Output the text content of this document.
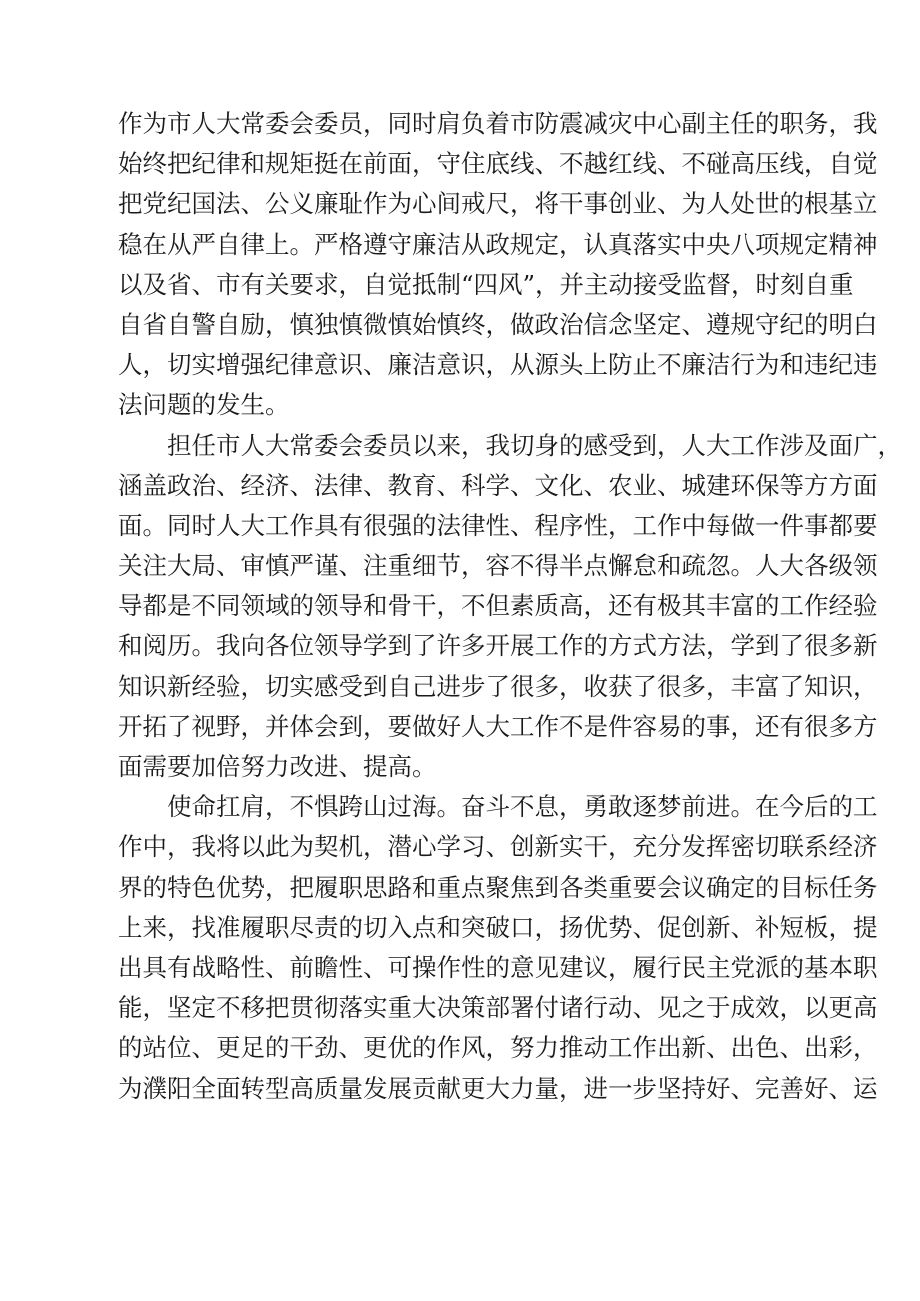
作为市人大常委会委员，同时肩负着市防震减灾中心副主任的职务，我
始终把纪律和规矩挺在前面，守住底线、不越红线、不碰高压线，自觉
把党纪国法、公义廉耻作为心间戒尺，将干事创业、为人处世的根基立
稳在从严自律上。严格遵守廉洁从政规定，认真落实中央八项规定精神
以及省、市有关要求，自觉抵制“四风”，并主动接受监督，时刻自重
自省自警自励，慎独慎微慎始慎终，做政治信念坚定、遵规守纪的明白
人，切实增强纪律意识、廉洁意识，从源头上防止不廉洁行为和违纪违
法问题的发生。
担任市人大常委会委员以来，我切身的感受到，人大工作涉及面广，
涵盖政治、经济、法律、教育、科学、文化、农业、城建环保等方方面
面。同时人大工作具有很强的法律性、程序性，工作中每做一件事都要
关注大局、审慎严谨、注重细节，容不得半点懈怠和疏忽。人大各级领
导都是不同领域的领导和骨干，不但素质高，还有极其丰富的工作经验
和阅历。我向各位领导学到了许多开展工作的方式方法，学到了很多新
知识新经验，切实感受到自己进步了很多，收获了很多，丰富了知识，
开拓了视野，并体会到，要做好人大工作不是件容易的事，还有很多方
面需要加倍努力改进、提高。
使命扛肩，不惧跨山过海。奋斗不息，勇敢逐梦前进。在今后的工
作中，我将以此为契机，潜心学习、创新实干，充分发挥密切联系经济
界的特色优势，把履职思路和重点聚焦到各类重要会议确定的目标任务
上来，找准履职尽责的切入点和突破口，扬优势、促创新、补短板，提
出具有战略性、前瞻性、可操作性的意见建议，履行民主党派的基本职
能，坚定不移把贯彻落实重大决策部署付诸行动、见之于成效，以更高
的站位、更足的干劲、更优的作风，努力推动工作出新、出色、出彩，
为濮阳全面转型高质量发展贡献更大力量，进一步坚持好、完善好、运
